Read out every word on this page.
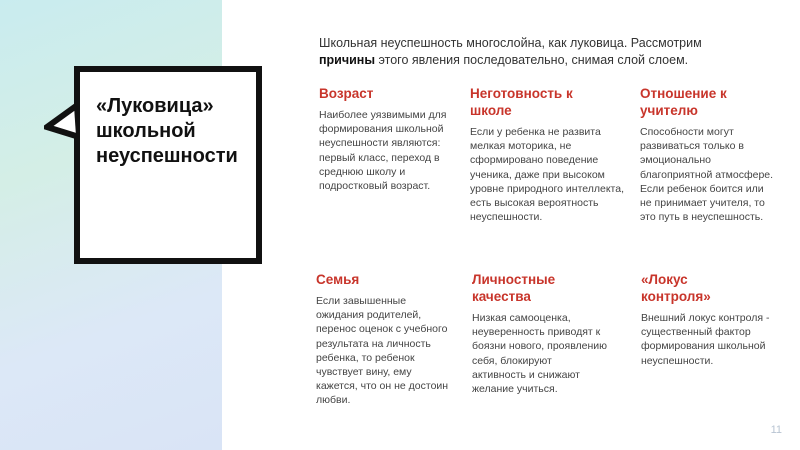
«Луковица»
школьной
неуспешности
Школьная неуспешность многослойна, как луковица. Рассмотрим
причины этого явления последовательно, снимая слой слоем.
Возраст
Наиболее уязвимыми для формирования школьной неуспешности являются: первый класс, переход в среднюю школу и подростковый возраст.
Неготовность к школе
Если у ребенка не развита мелкая моторика, не сформировано поведение ученика, даже при высоком уровне природного интеллекта, есть высокая вероятность неуспешности.
Отношение к учителю
Способности могут развиваться только в эмоционально благоприятной атмосфере. Если ребенок боится или не принимает учителя, то это путь в неуспешность.
Семья
Если завышенные ожидания родителей, перенос оценок с учебного результата на личность ребенка, то ребенок чувствует вину, ему кажется, что он не достоин любви.
Личностные качества
Низкая самооценка, неуверенность приводят к боязни нового, проявлению себя, блокируют активность и снижают желание учиться.
«Локус контроля»
Внешний локус контроля - существенный фактор формирования школьной неуспешности.
11
